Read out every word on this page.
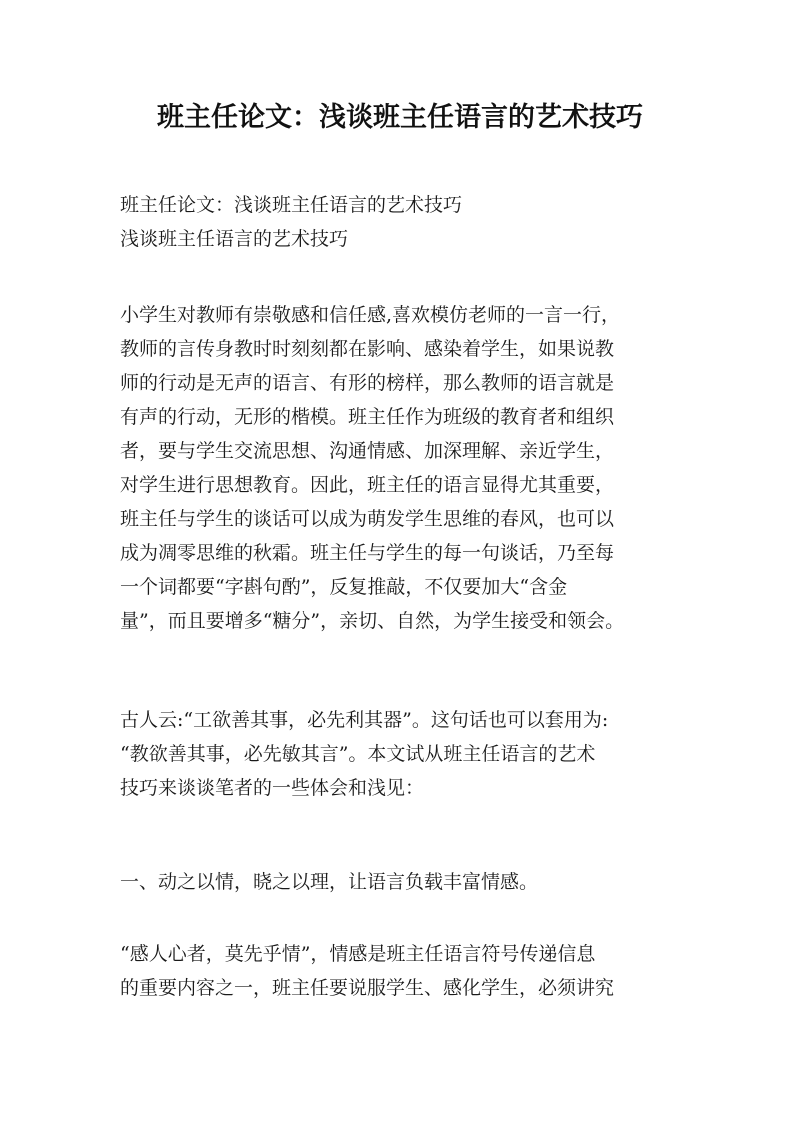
班主任论文：浅谈班主任语言的艺术技巧

班主任论文：浅谈班主任语言的艺术技巧
浅谈班主任语言的艺术技巧

小学生对教师有崇敬感和信任感,喜欢模仿老师的一言一行，
教师的言传身教时时刻刻都在影响、感染着学生，如果说教
师的行动是无声的语言、有形的榜样，那么教师的语言就是
有声的行动，无形的楷模。班主任作为班级的教育者和组织
者，要与学生交流思想、沟通情感、加深理解、亲近学生，
对学生进行思想教育。因此，班主任的语言显得尤其重要，
班主任与学生的谈话可以成为萌发学生思维的春风，也可以
成为凋零思维的秋霜。班主任与学生的每一句谈话，乃至每
一个词都要“字斟句酌”，反复推敲，不仅要加大“含金
量”，而且要增多“糖分”，亲切、自然，为学生接受和领会。

古人云:“工欲善其事，必先利其器”。这句话也可以套用为:
“教欲善其事，必先敏其言”。本文试从班主任语言的艺术
技巧来谈谈笔者的一些体会和浅见：

一、动之以情，晓之以理，让语言负载丰富情感。

“感人心者，莫先乎情”，情感是班主任语言符号传递信息
的重要内容之一，班主任要说服学生、感化学生，必须讲究
